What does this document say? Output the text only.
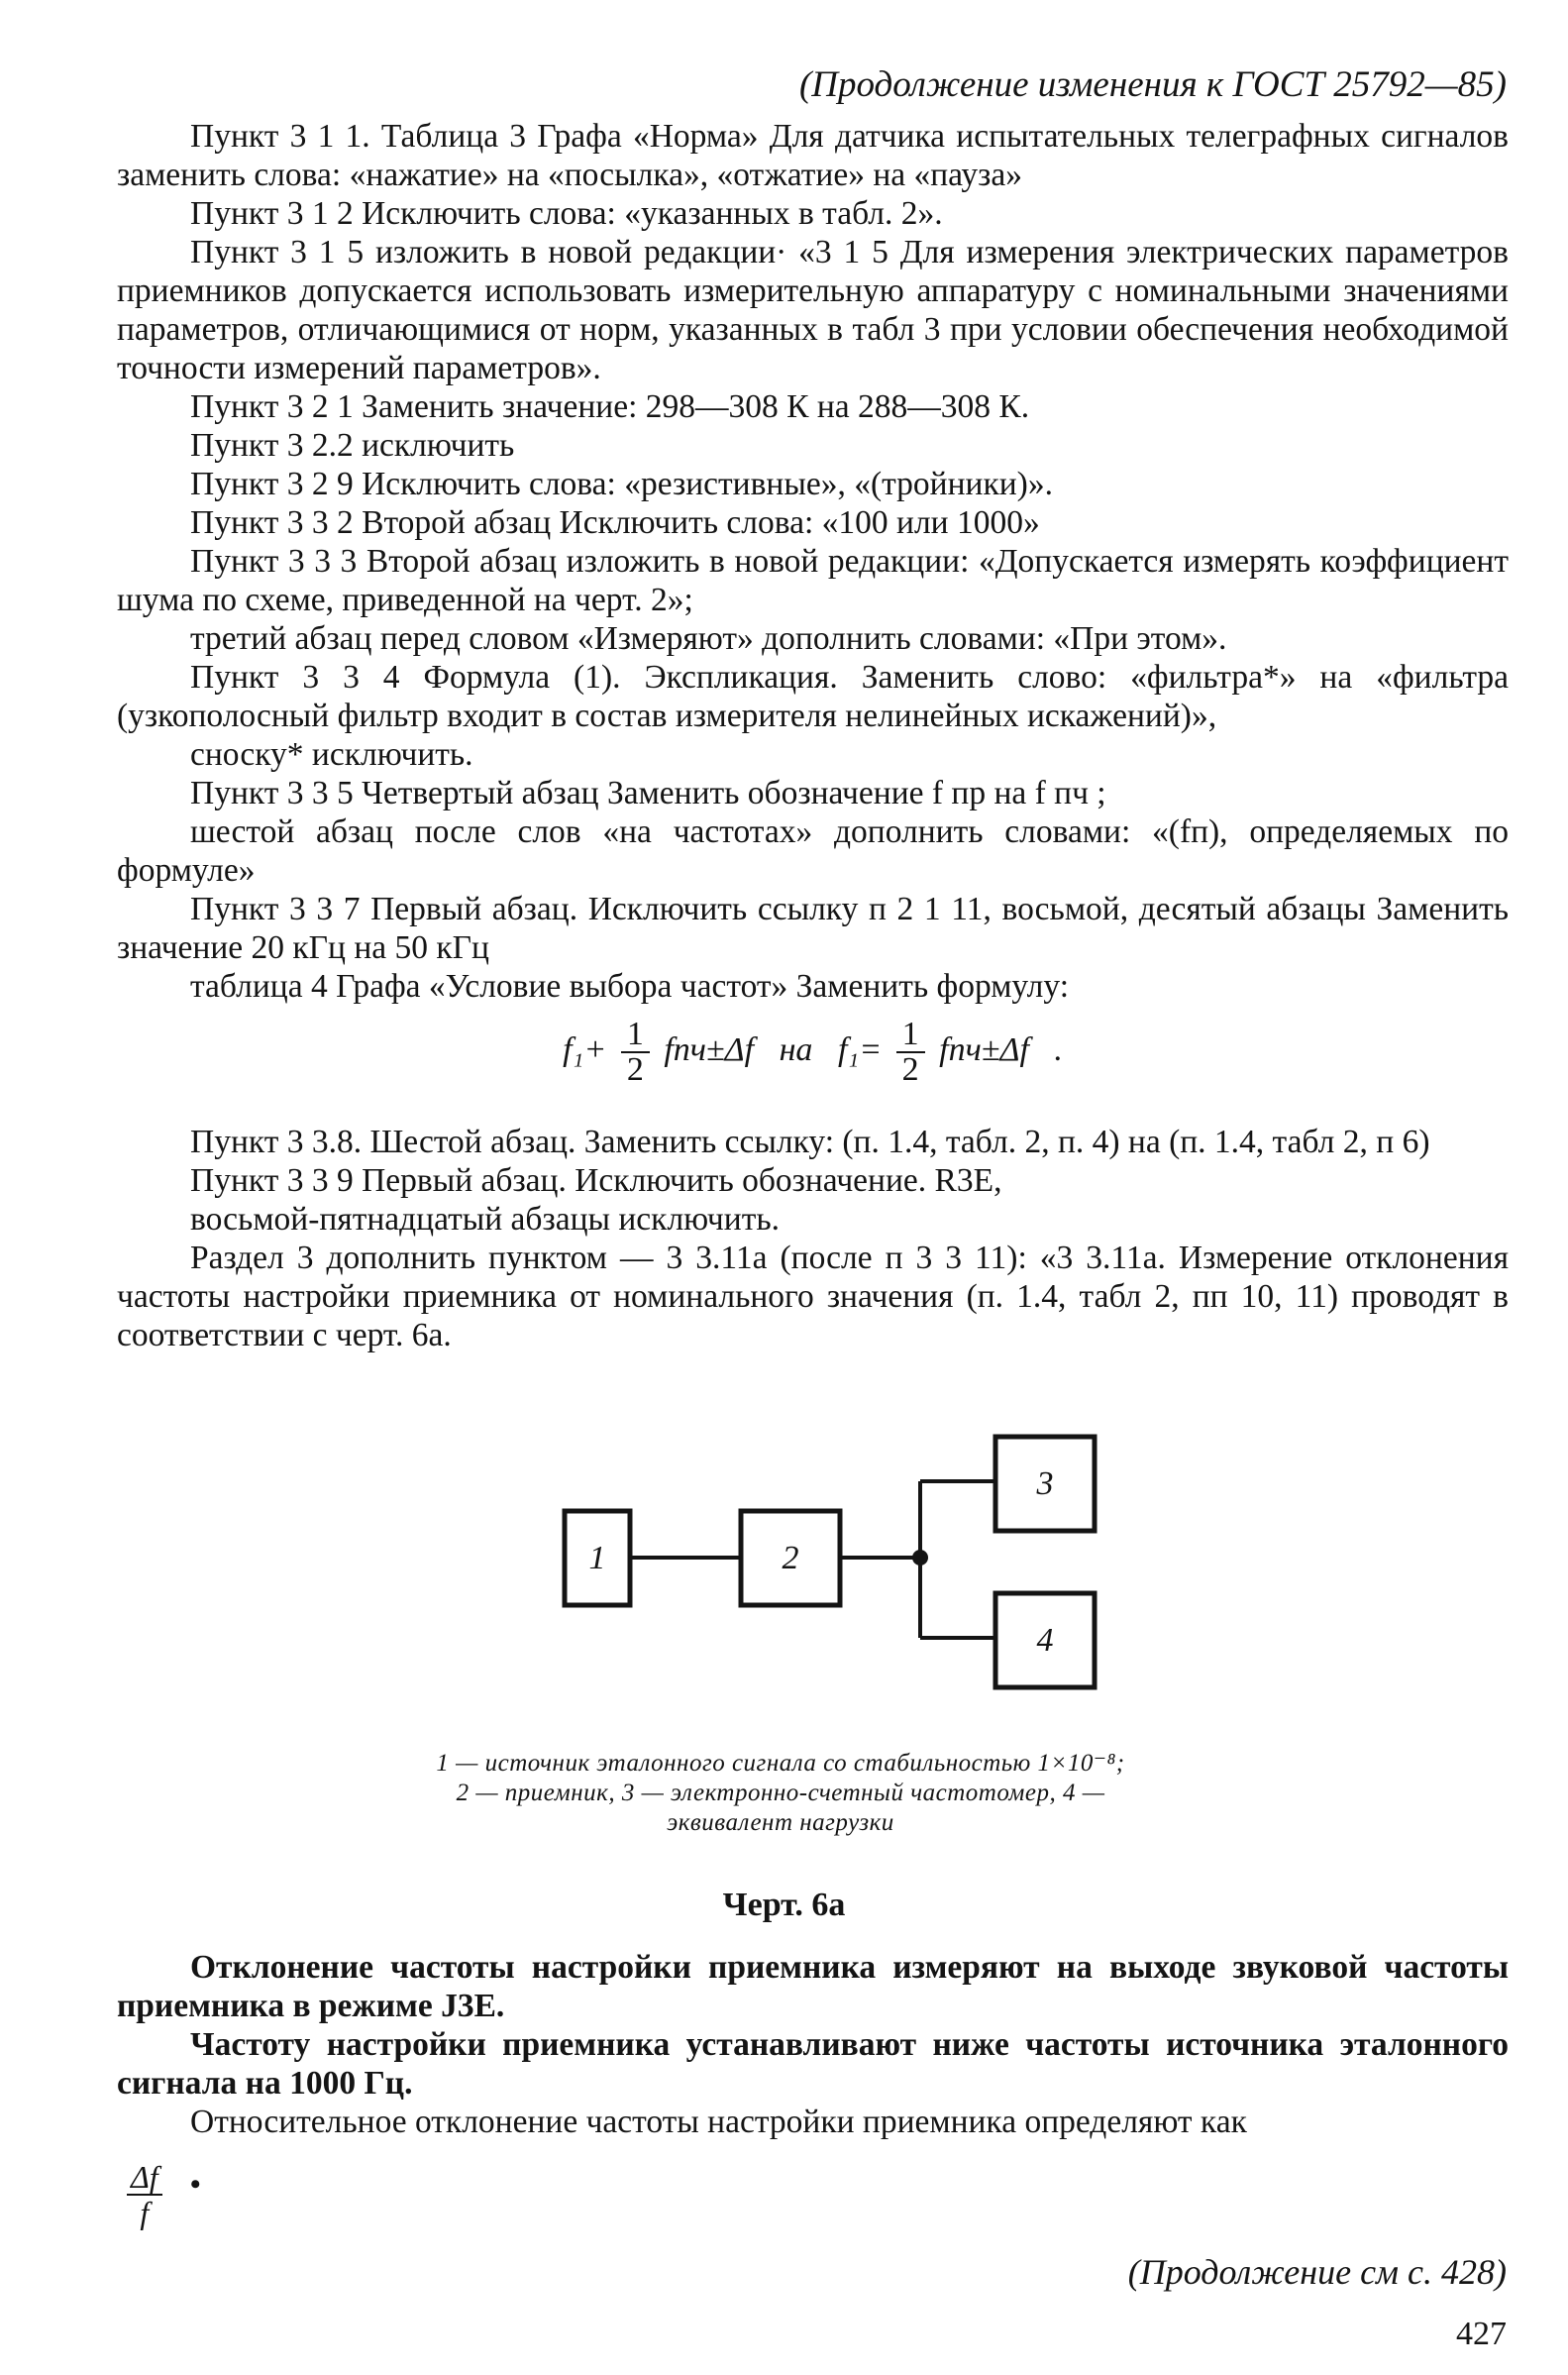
(Продолжение изменения к ГОСТ 25792—85)

Пункт 3 1 1. Таблица 3 Графа «Норма» Для датчика испытательных телеграфных сигналов заменить слова: «нажатие» на «посылка», «отжатие» на «паузa»

Пункт 3 1 2 Исключить слова: «указанных в табл. 2».

Пункт 3 1 5 изложить в новой редакции· «3 1 5 Для измерения электрических параметров приемников допускается использовать измерительную аппаратуру с номинальными значениями параметров, отличающимися от норм, указанных в табл 3 при условии обеспечения необходимой точности измерений параметров».

Пункт 3 2 1 Заменить значение: 298—308 К на 288—308 К.

Пункт 3 2.2 исключить

Пункт 3 2 9 Исключить слова: «резистивные», «(тройники)».

Пункт 3 3 2 Второй абзац Исключить слова: «100 или 1000»

Пункт 3 3 3 Второй абзац изложить в новой редакции: «Допускается измерять коэффициент шума по схеме, приведенной на черт. 2»;

третий абзац перед словом «Измеряют» дополнить словами: «При этом».

Пункт 3 3 4 Формула (1). Экспликация. Заменить слово: «фильтра*» на «фильтра (узкополосный фильтр входит в состав измерителя нелинейных искажений)»,

сноску* исключить.

Пункт 3 3 5 Четвертый абзац Заменить обозначение f пр на f пч ;

шестой абзац после слов «на частотах» дополнить словами: «(fп), определяемых по формуле»

Пункт 3 3 7 Первый абзац. Исключить ссылку п 2 1 11, восьмой, десятый абзацы Заменить значение 20 кГц на 50 кГц

таблица 4 Графа «Условие выбора частот» Заменить формулу:

$f_1+ \frac{1}{2} fпч\pm\Delta f$ на $f_1= \frac{1}{2} fпч\pm\Delta f$ .

Пункт 3 3.8. Шестой абзац. Заменить ссылку: (п. 1.4, табл. 2, п. 4) на (п. 1.4, табл 2, п 6)

Пункт 3 3 9 Первый абзац. Исключить обозначение. R3E,

восьмой-пятнадцатый абзацы исключить.

Раздел 3 дополнить пунктом — 3 3.11а (после п 3 3 11): «3 3.11а. Измерение отклонения частоты настройки приемника от номинального значения (п. 1.4, табл 2, пп 10, 11) проводят в соответствии с черт. 6а.

1	2
3
4
1 — источник эталонного сигнала со стабильностью 1×10⁻⁸; 2 — приемник, 3 — электронно-счетный частотомер, 4 — эквивалент нагрузки
Черт. 6а

Отклонение частоты настройки приемника измеряют на выходе звуковой частоты приемника в режиме J3E.

Частоту настройки приемника устанавливают ниже частоты источника эталонного сигнала на 1000 Гц.

Относительное отклонение частоты настройки приемника определяют как

$\frac{\Delta f}{f}$ •
(Продолжение см с. 428)
427
